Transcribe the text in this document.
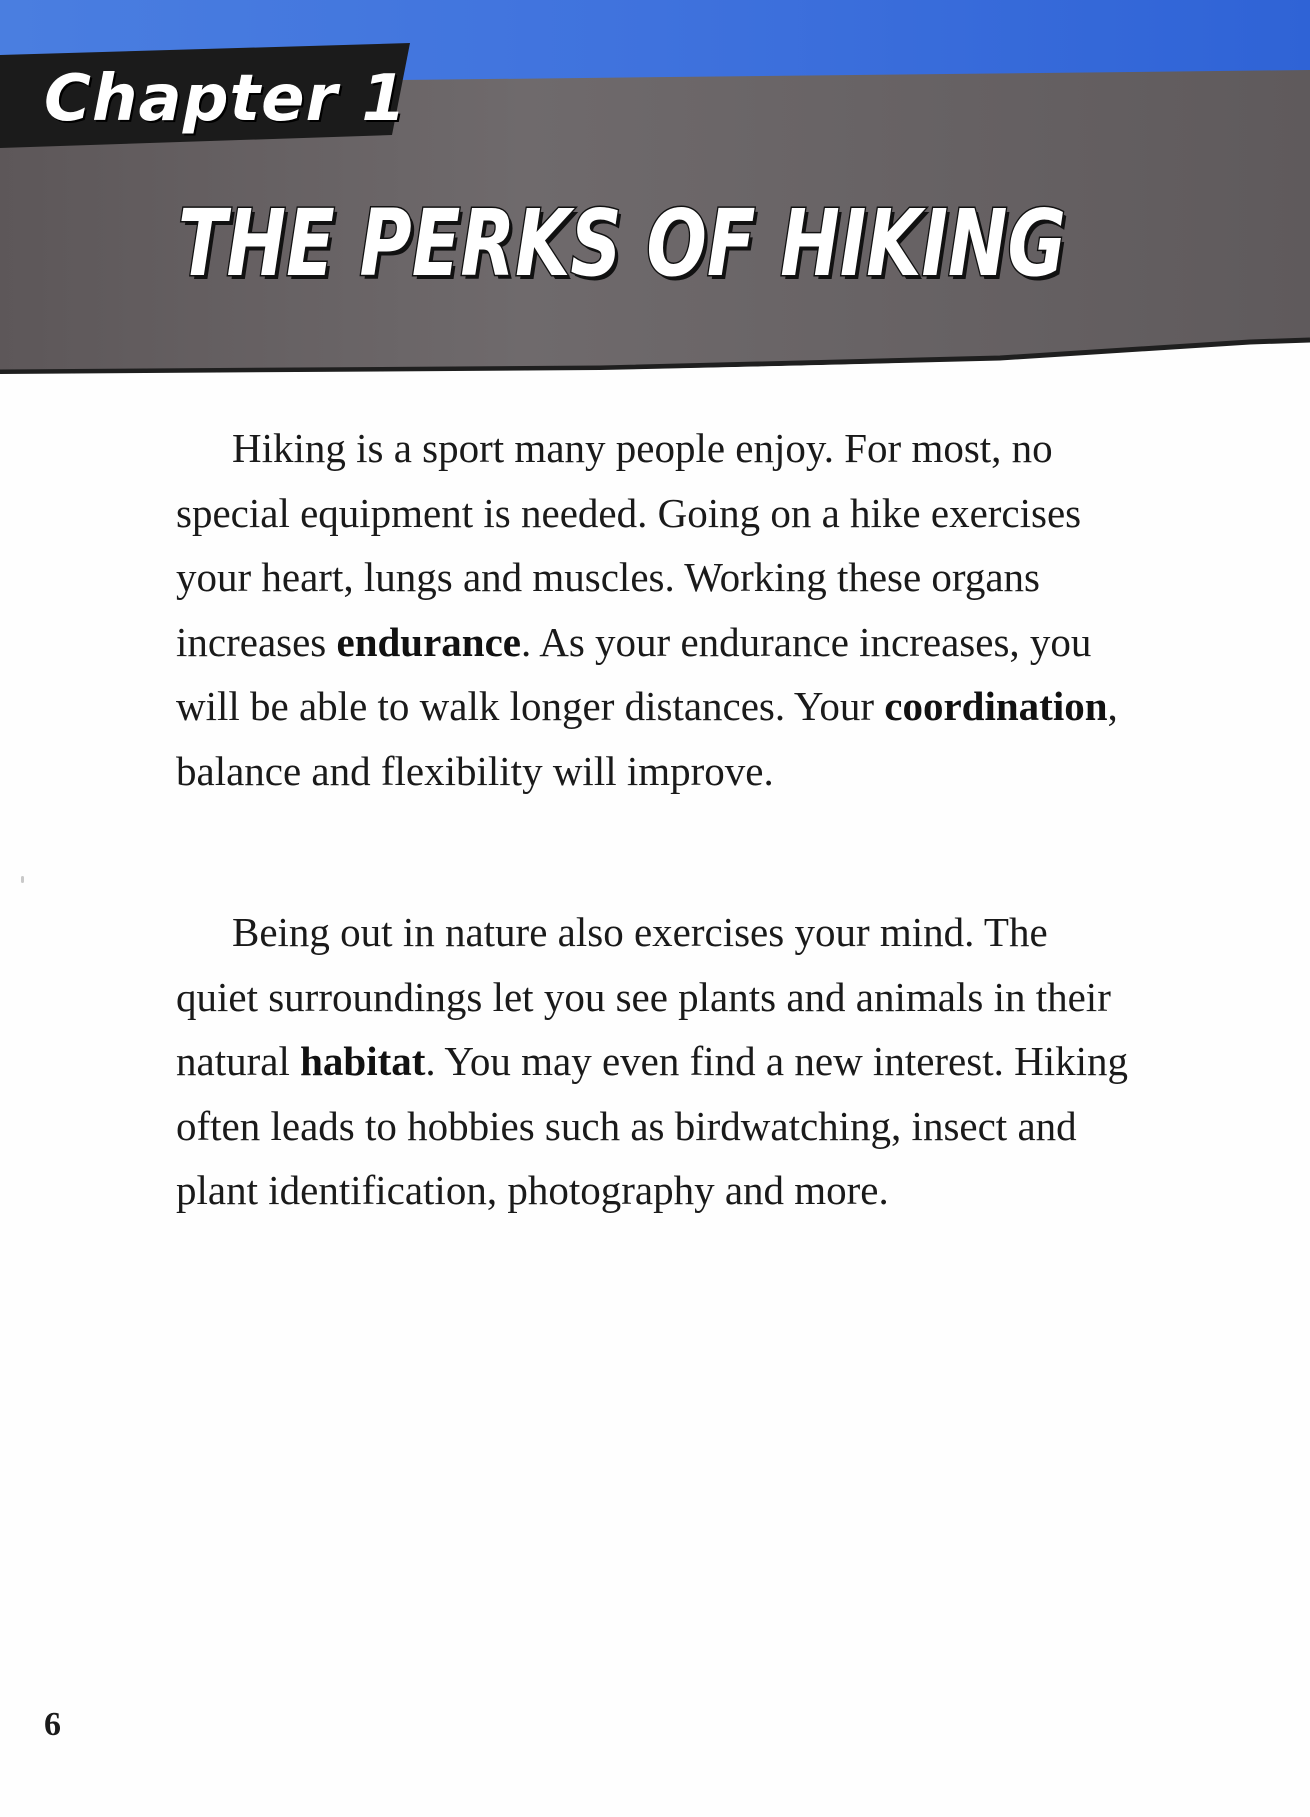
Chapter 1
THE PERKS OF HIKING

Hiking is a sport many people enjoy. For most, no special equipment is needed. Going on a hike exercises your heart, lungs and muscles. Working these organs increases endurance. As your endurance increases, you will be able to walk longer distances. Your coordination, balance and flexibility will improve.

Being out in nature also exercises your mind. The quiet surroundings let you see plants and animals in their natural habitat. You may even find a new interest. Hiking often leads to hobbies such as birdwatching, insect and plant identification, photography and more.

6
